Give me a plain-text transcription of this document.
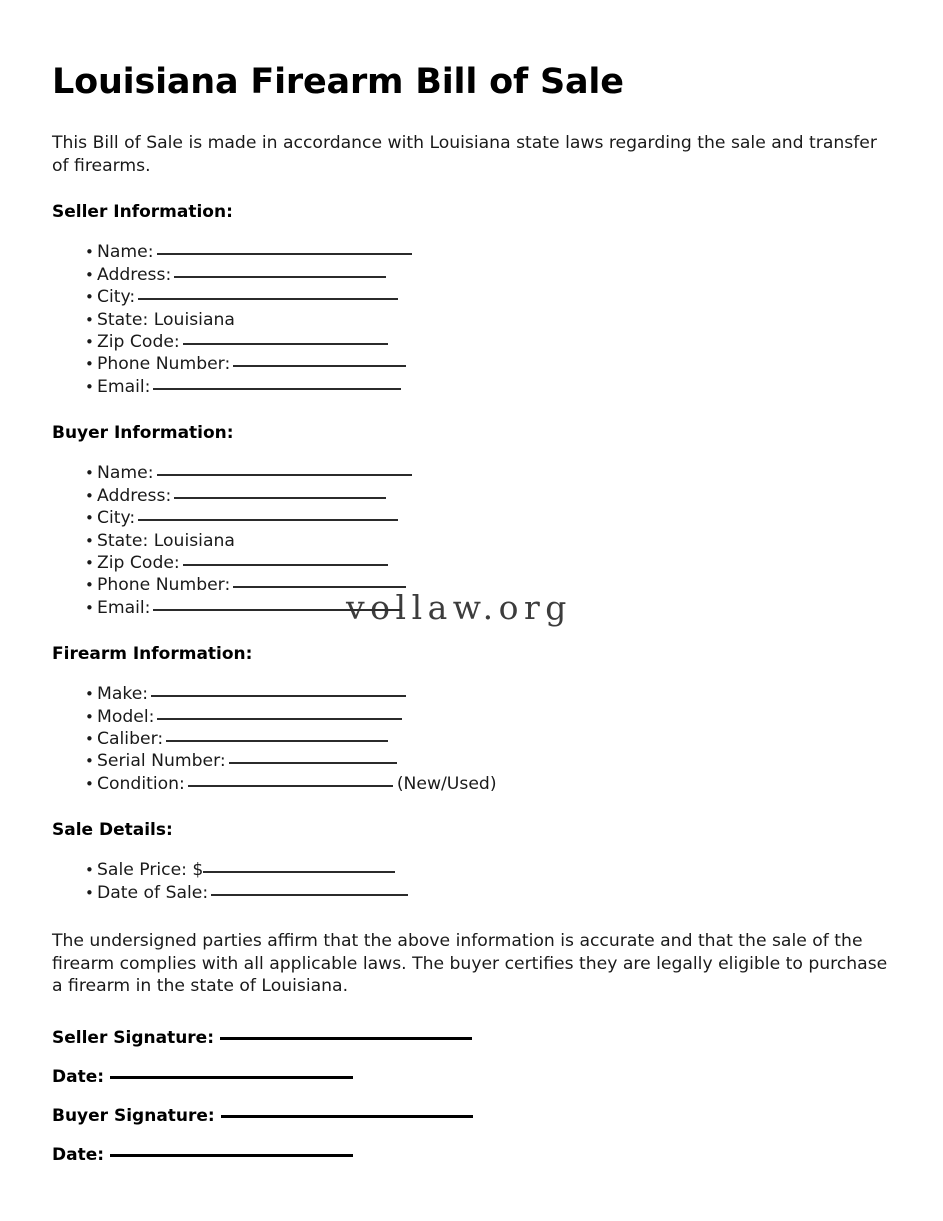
vollaw.org
Louisiana Firearm Bill of Sale

This Bill of Sale is made in accordance with Louisiana state laws regarding the sale and transfer of firearms.

Seller Information:
• Name:
• Address:
• City:
• State: Louisiana
• Zip Code:
• Phone Number:
• Email:
Buyer Information:
• Name:
• Address:
• City:
• State: Louisiana
• Zip Code:
• Phone Number:
• Email:
Firearm Information:
• Make:
• Model:
• Caliber:
• Serial Number:
• Condition:	(New/Used)
Sale Details:
• Sale Price: $
• Date of Sale:

The undersigned parties affirm that the above information is accurate and that the sale of the firearm complies with all applicable laws. The buyer certifies they are legally eligible to purchase a firearm in the state of Louisiana.

Seller Signature:
Date:
Buyer Signature:
Date:
